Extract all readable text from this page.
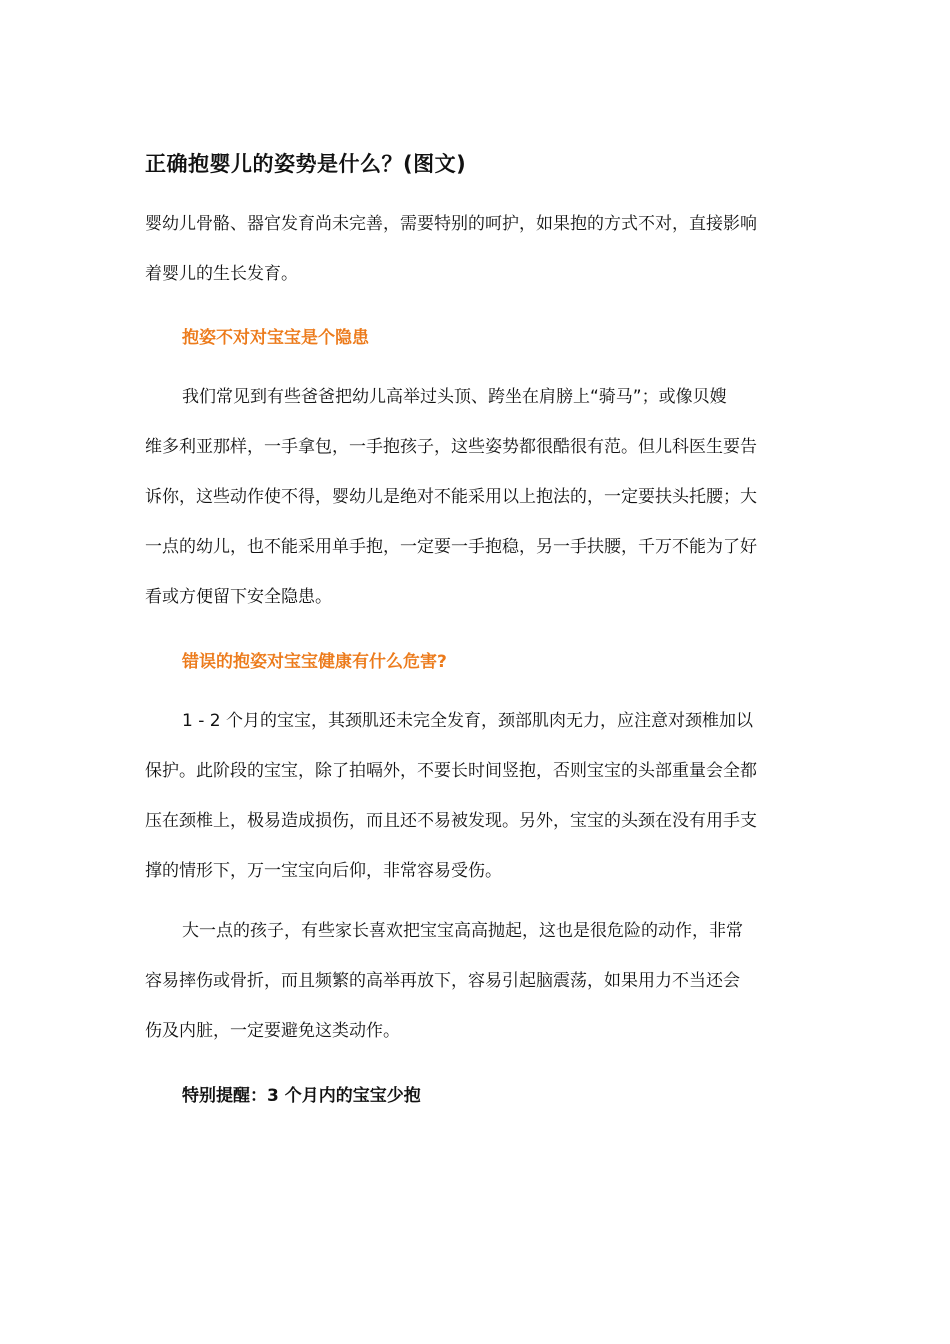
正确抱婴儿的姿势是什么？(图文)
婴幼儿骨骼、器官发育尚未完善，需要特别的呵护，如果抱的方式不对，直接影响
着婴儿的生长发育。
抱姿不对对宝宝是个隐患
我们常见到有些爸爸把幼儿高举过头顶、跨坐在肩膀上“骑马”；或像贝嫂
维多利亚那样，一手拿包，一手抱孩子，这些姿势都很酷很有范。但儿科医生要告
诉你，这些动作使不得，婴幼儿是绝对不能采用以上抱法的，一定要扶头托腰；大
一点的幼儿，也不能采用单手抱，一定要一手抱稳，另一手扶腰，千万不能为了好
看或方便留下安全隐患。
错误的抱姿对宝宝健康有什么危害?
1 - 2 个月的宝宝，其颈肌还未完全发育，颈部肌肉无力，应注意对颈椎加以
保护。此阶段的宝宝，除了拍嗝外，不要长时间竖抱，否则宝宝的头部重量会全都
压在颈椎上，极易造成损伤，而且还不易被发现。另外，宝宝的头颈在没有用手支
撑的情形下，万一宝宝向后仰，非常容易受伤。
大一点的孩子，有些家长喜欢把宝宝高高抛起，这也是很危险的动作，非常
容易摔伤或骨折，而且频繁的高举再放下，容易引起脑震荡，如果用力不当还会
伤及内脏，一定要避免这类动作。
特别提醒：3 个月内的宝宝少抱
